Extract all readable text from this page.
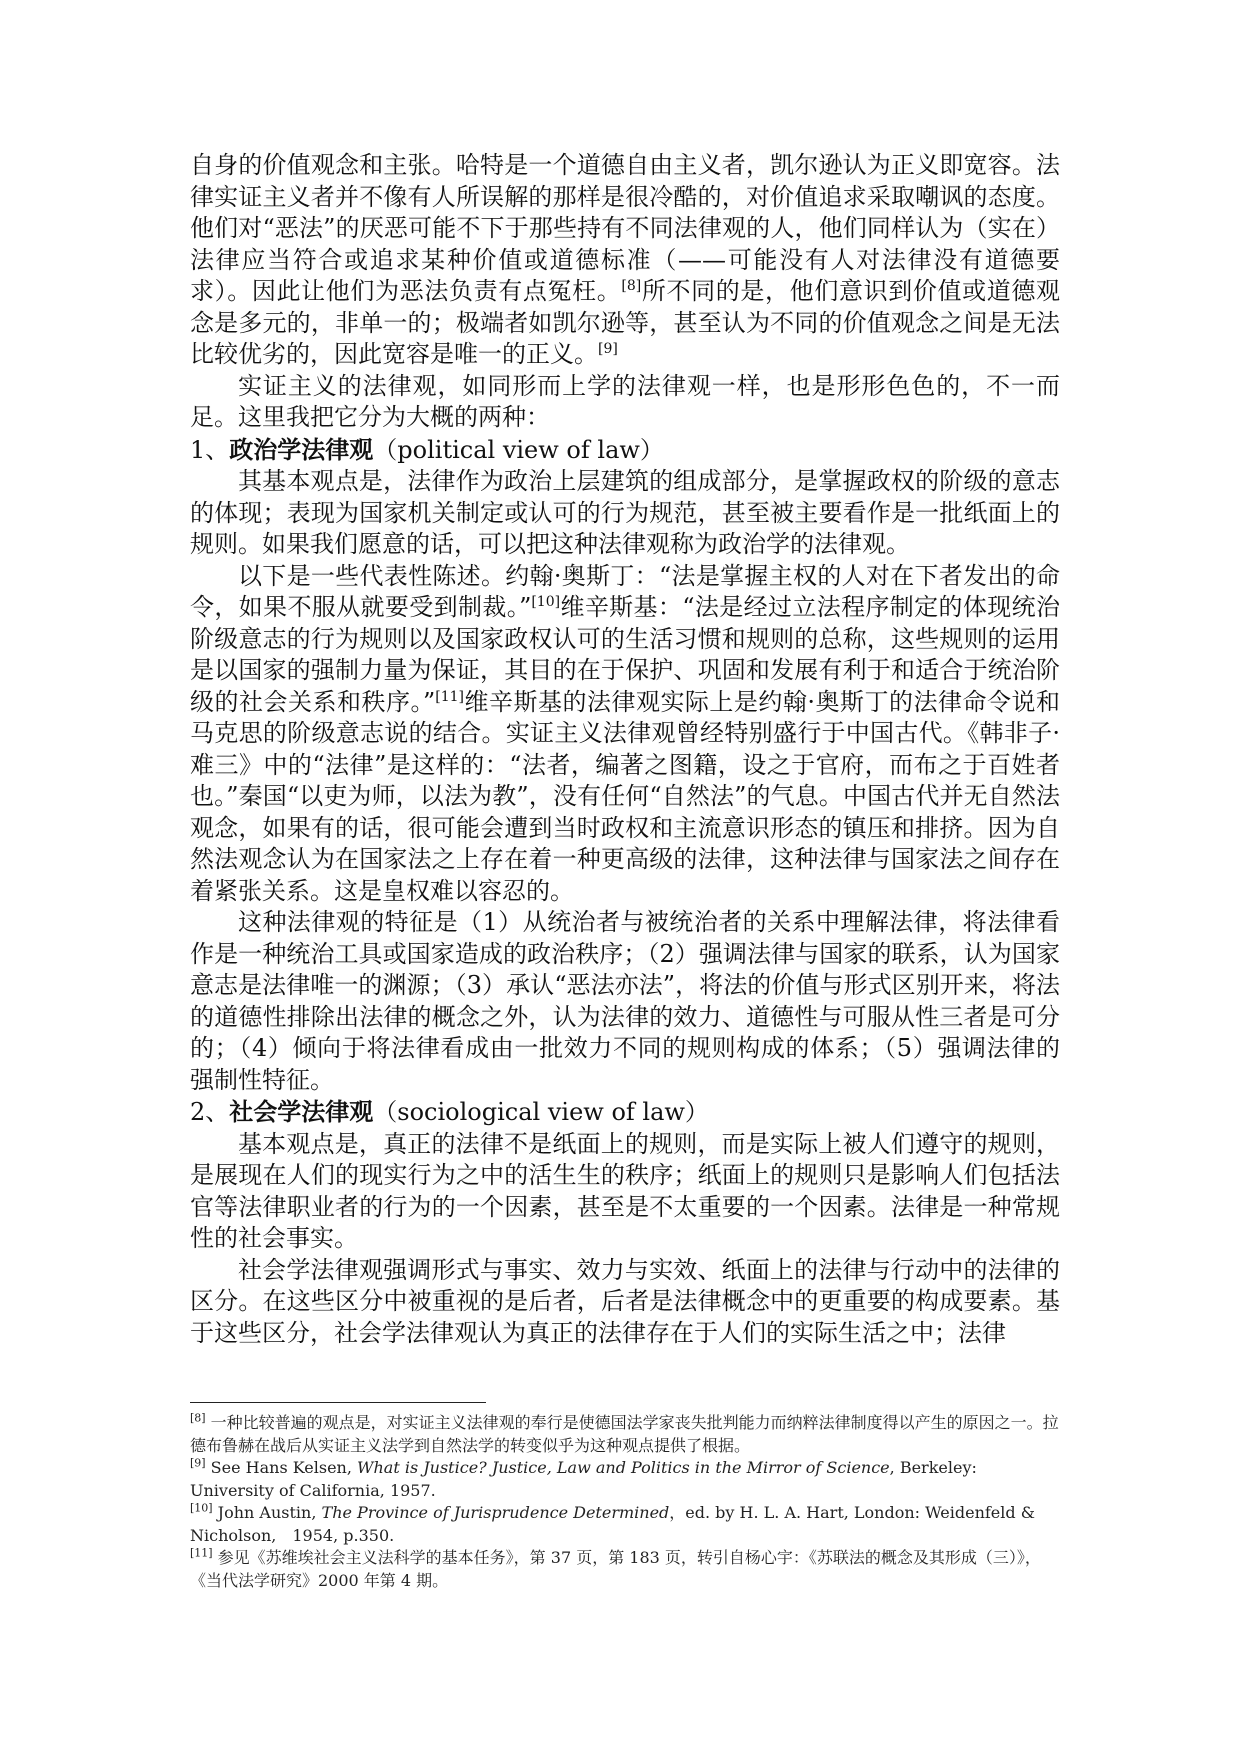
自身的价值观念和主张。哈特是一个道德自由主义者，凯尔逊认为正义即宽容。法律实证主义者并不像有人所误解的那样是很冷酷的，对价值追求采取嘲讽的态度。他们对“恶法”的厌恶可能不下于那些持有不同法律观的人，他们同样认为（实在）法律应当符合或追求某种价值或道德标准（——可能没有人对法律没有道德要求）。因此让他们为恶法负责有点冤枉。[8]所不同的是，他们意识到价值或道德观念是多元的，非单一的；极端者如凯尔逊等，甚至认为不同的价值观念之间是无法比较优劣的，因此宽容是唯一的正义。[9]

实证主义的法律观，如同形而上学的法律观一样，也是形形色色的，不一而足。这里我把它分为大概的两种：

1、政治学法律观（political view of law）

其基本观点是，法律作为政治上层建筑的组成部分，是掌握政权的阶级的意志的体现；表现为国家机关制定或认可的行为规范，甚至被主要看作是一批纸面上的规则。如果我们愿意的话，可以把这种法律观称为政治学的法律观。

以下是一些代表性陈述。约翰·奥斯丁：“法是掌握主权的人对在下者发出的命令，如果不服从就要受到制裁。”[10]维辛斯基：“法是经过立法程序制定的体现统治阶级意志的行为规则以及国家政权认可的生活习惯和规则的总称，这些规则的运用是以国家的强制力量为保证，其目的在于保护、巩固和发展有利于和适合于统治阶级的社会关系和秩序。”[11]维辛斯基的法律观实际上是约翰·奥斯丁的法律命令说和马克思的阶级意志说的结合。实证主义法律观曾经特别盛行于中国古代。《韩非子·难三》中的“法律”是这样的：“法者，编著之图籍，设之于官府，而布之于百姓者也。”秦国“以吏为师，以法为教”，没有任何“自然法”的气息。中国古代并无自然法观念，如果有的话，很可能会遭到当时政权和主流意识形态的镇压和排挤。因为自然法观念认为在国家法之上存在着一种更高级的法律，这种法律与国家法之间存在着紧张关系。这是皇权难以容忍的。

这种法律观的特征是（1）从统治者与被统治者的关系中理解法律，将法律看作是一种统治工具或国家造成的政治秩序；（2）强调法律与国家的联系，认为国家意志是法律唯一的渊源；（3）承认“恶法亦法”，将法的价值与形式区别开来，将法的道德性排除出法律的概念之外，认为法律的效力、道德性与可服从性三者是可分的；（4）倾向于将法律看成由一批效力不同的规则构成的体系；（5）强调法律的强制性特征。

2、社会学法律观（sociological view of law）

基本观点是，真正的法律不是纸面上的规则，而是实际上被人们遵守的规则，是展现在人们的现实行为之中的活生生的秩序；纸面上的规则只是影响人们包括法官等法律职业者的行为的一个因素，甚至是不太重要的一个因素。法律是一种常规性的社会事实。

社会学法律观强调形式与事实、效力与实效、纸面上的法律与行动中的法律的区分。在这些区分中被重视的是后者，后者是法律概念中的更重要的构成要素。基于这些区分，社会学法律观认为真正的法律存在于人们的实际生活之中；法律

[8] 一种比较普遍的观点是，对实证主义法律观的奉行是使德国法学家丧失批判能力而纳粹法律制度得以产生的原因之一。拉德布鲁赫在战后从实证主义法学到自然法学的转变似乎为这种观点提供了根据。

[9] See Hans Kelsen, What is Justice? Justice, Law and Politics in the Mirror of Science, Berkeley: University of California, 1957.

[10] John Austin, The Province of Jurisprudence Determined，ed. by H. L. A. Hart, London: Weidenfeld & Nicholson,　1954, p.350.

[11] 参见《苏维埃社会主义法科学的基本任务》，第 37 页，第 183 页，转引自杨心宇：《苏联法的概念及其形成（三）》，《当代法学研究》2000 年第 4 期。
